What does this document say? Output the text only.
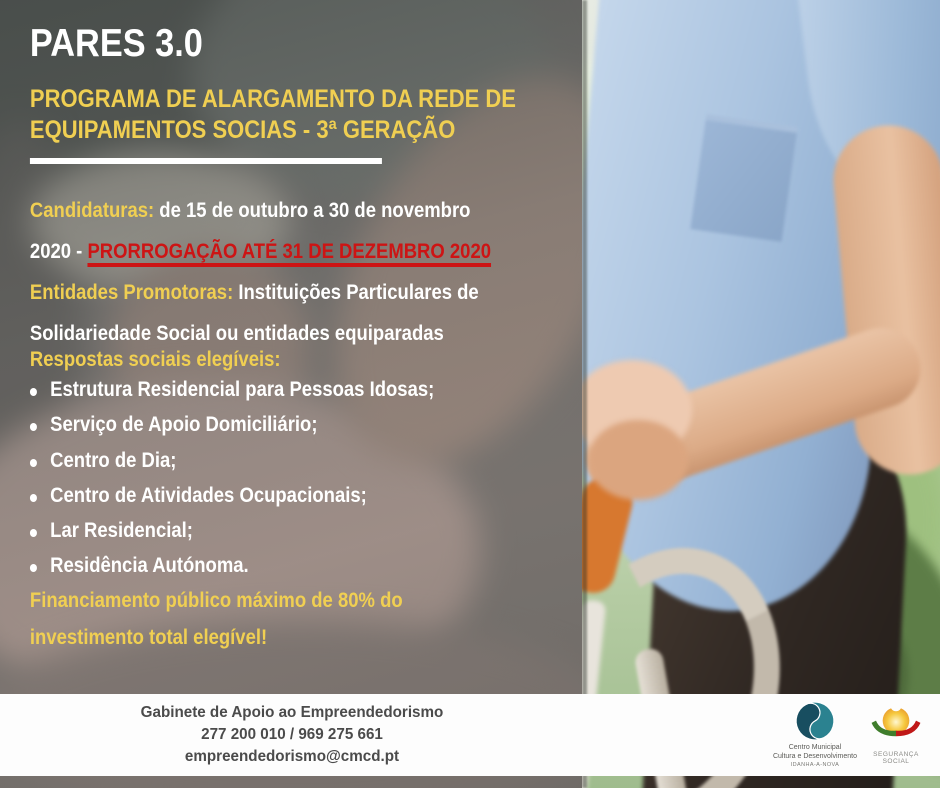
PARES 3.0
PROGRAMA DE ALARGAMENTO DA REDE DE
EQUIPAMENTOS SOCIAS - 3ª GERAÇÃO
Candidaturas: de 15 de outubro a 30 de novembro
2020 - PRORROGAÇÃO ATÉ 31 DE DEZEMBRO 2020
Entidades Promotoras: Instituições Particulares de
Solidariedade Social ou entidades equiparadas
Respostas sociais elegíveis:
Estrutura Residencial para Pessoas Idosas;
Serviço de Apoio Domiciliário;
Centro de Dia;
Centro de Atividades Ocupacionais;
Lar Residencial;
Residência Autónoma.
Financiamento público máximo de 80% do
investimento total elegível!
Gabinete de Apoio ao Empreendedorismo
277 200 010 / 969 275 661
empreendedorismo@cmcd.pt
Centro Municipal
Cultura e Desenvolvimento
IDANHA-A-NOVA
SEGURANÇA SOCIAL
